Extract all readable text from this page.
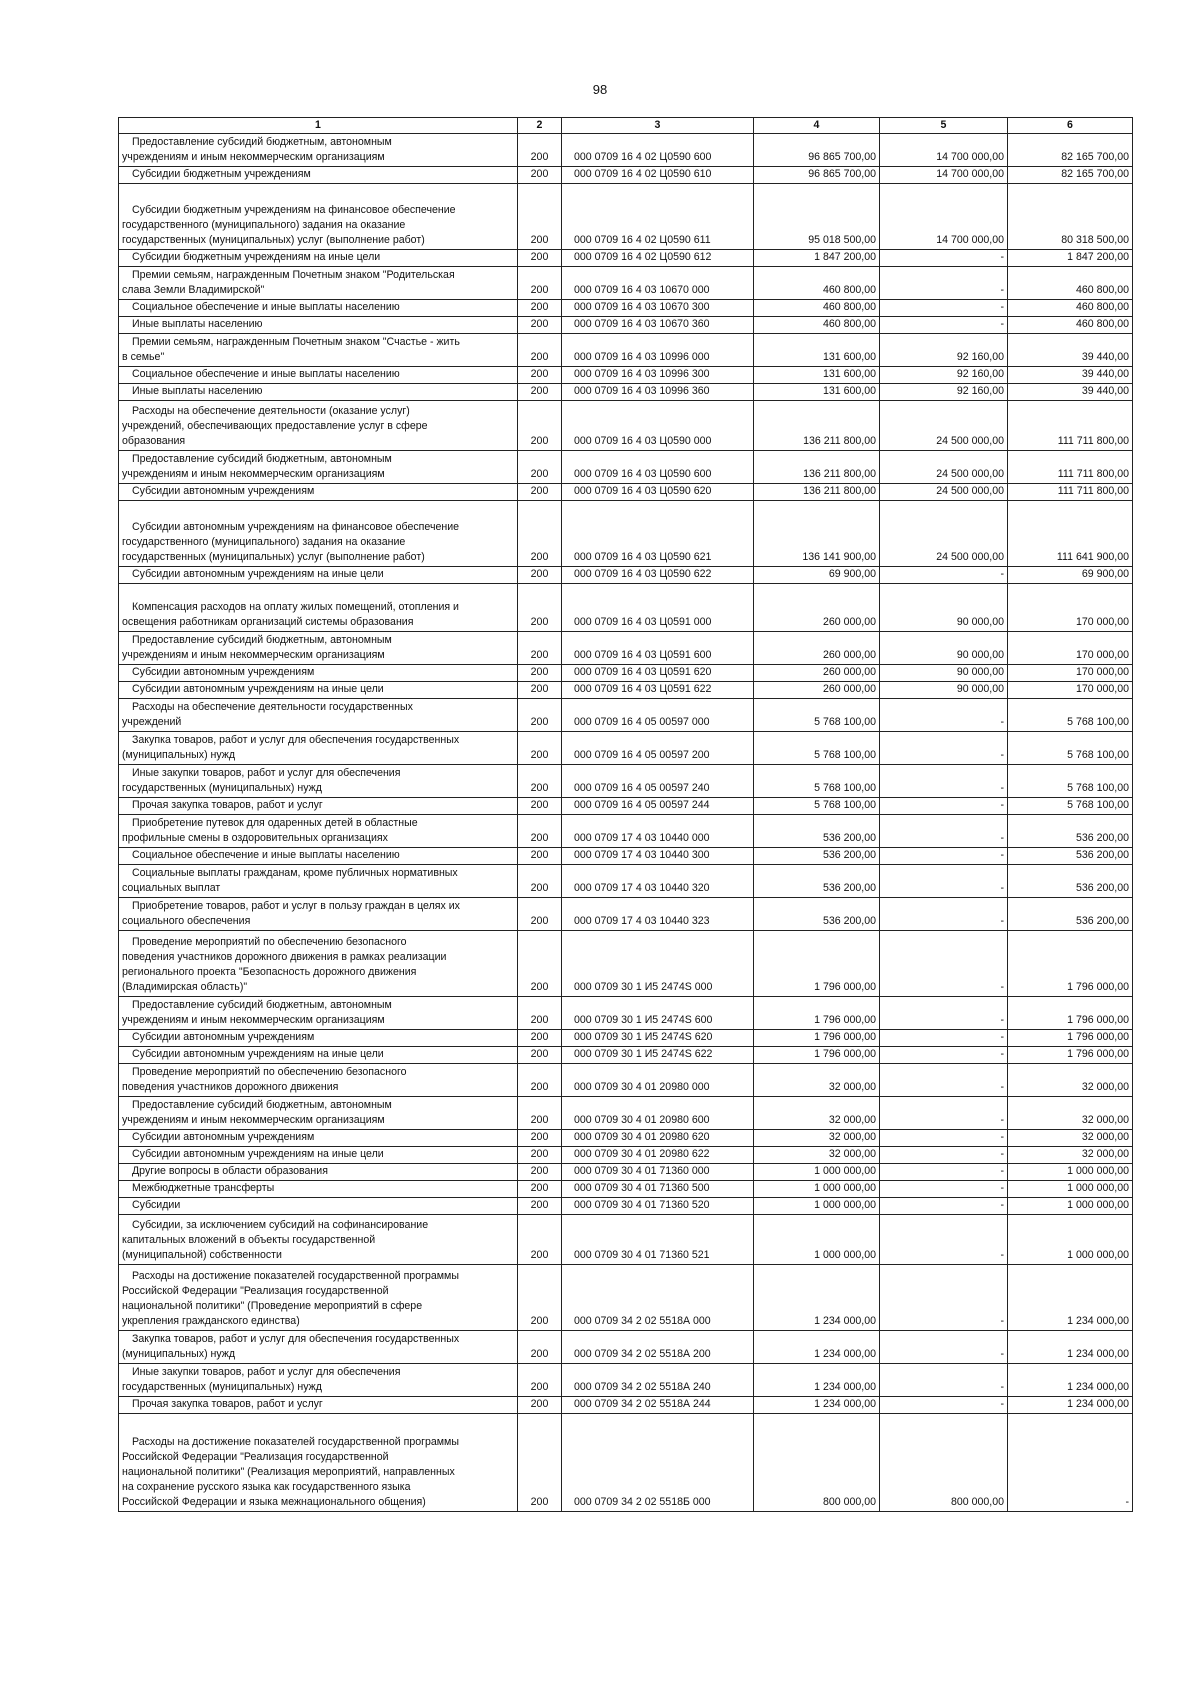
98
1	2	3	4	5	6
Предоставление субсидий бюджетным, автономным
учреждениям и иным некоммерческим организациям	200	000 0709 16 4 02 Ц0590 600	96 865 700,00	14 700 000,00	82 165 700,00
Субсидии бюджетным учреждениям	200	000 0709 16 4 02 Ц0590 610	96 865 700,00	14 700 000,00	82 165 700,00
Субсидии бюджетным учреждениям на финансовое обеспечение
государственного (муниципального) задания на оказание
государственных (муниципальных) услуг (выполнение работ)	200	000 0709 16 4 02 Ц0590 611	95 018 500,00	14 700 000,00	80 318 500,00
Субсидии бюджетным учреждениям на иные цели	200	000 0709 16 4 02 Ц0590 612	1 847 200,00	-	1 847 200,00
Премии семьям, награжденным Почетным знаком "Родительская
слава Земли Владимирской"	200	000 0709 16 4 03 10670 000	460 800,00	-	460 800,00
Социальное обеспечение и иные выплаты населению	200	000 0709 16 4 03 10670 300	460 800,00	-	460 800,00
Иные выплаты населению	200	000 0709 16 4 03 10670 360	460 800,00	-	460 800,00
Премии семьям, награжденным Почетным знаком "Счастье - жить
в семье"	200	000 0709 16 4 03 10996 000	131 600,00	92 160,00	39 440,00
Социальное обеспечение и иные выплаты населению	200	000 0709 16 4 03 10996 300	131 600,00	92 160,00	39 440,00
Иные выплаты населению	200	000 0709 16 4 03 10996 360	131 600,00	92 160,00	39 440,00
Расходы на обеспечение деятельности (оказание услуг)
учреждений, обеспечивающих предоставление услуг в сфере
образования	200	000 0709 16 4 03 Ц0590 000	136 211 800,00	24 500 000,00	111 711 800,00
Предоставление субсидий бюджетным, автономным
учреждениям и иным некоммерческим организациям	200	000 0709 16 4 03 Ц0590 600	136 211 800,00	24 500 000,00	111 711 800,00
Субсидии автономным учреждениям	200	000 0709 16 4 03 Ц0590 620	136 211 800,00	24 500 000,00	111 711 800,00
Субсидии автономным учреждениям на финансовое обеспечение
государственного (муниципального) задания на оказание
государственных (муниципальных) услуг (выполнение работ)	200	000 0709 16 4 03 Ц0590 621	136 141 900,00	24 500 000,00	111 641 900,00
Субсидии автономным учреждениям на иные цели	200	000 0709 16 4 03 Ц0590 622	69 900,00	-	69 900,00
Компенсация расходов на оплату жилых помещений, отопления и
освещения работникам организаций системы образования	200	000 0709 16 4 03 Ц0591 000	260 000,00	90 000,00	170 000,00
Предоставление субсидий бюджетным, автономным
учреждениям и иным некоммерческим организациям	200	000 0709 16 4 03 Ц0591 600	260 000,00	90 000,00	170 000,00
Субсидии автономным учреждениям	200	000 0709 16 4 03 Ц0591 620	260 000,00	90 000,00	170 000,00
Субсидии автономным учреждениям на иные цели	200	000 0709 16 4 03 Ц0591 622	260 000,00	90 000,00	170 000,00
Расходы на обеспечение деятельности государственных
учреждений	200	000 0709 16 4 05 00597 000	5 768 100,00	-	5 768 100,00
Закупка товаров, работ и услуг для обеспечения государственных
(муниципальных) нужд	200	000 0709 16 4 05 00597 200	5 768 100,00	-	5 768 100,00
Иные закупки товаров, работ и услуг для обеспечения
государственных (муниципальных) нужд	200	000 0709 16 4 05 00597 240	5 768 100,00	-	5 768 100,00
Прочая закупка товаров, работ и услуг	200	000 0709 16 4 05 00597 244	5 768 100,00	-	5 768 100,00
Приобретение путевок для одаренных детей в областные
профильные смены в оздоровительных организациях	200	000 0709 17 4 03 10440 000	536 200,00	-	536 200,00
Социальное обеспечение и иные выплаты населению	200	000 0709 17 4 03 10440 300	536 200,00	-	536 200,00
Социальные выплаты гражданам, кроме публичных нормативных
социальных выплат	200	000 0709 17 4 03 10440 320	536 200,00	-	536 200,00
Приобретение товаров, работ и услуг в пользу граждан в целях их
социального обеспечения	200	000 0709 17 4 03 10440 323	536 200,00	-	536 200,00
Проведение мероприятий по обеспечению безопасного
поведения участников дорожного движения в рамках реализации
регионального проекта "Безопасность дорожного движения
(Владимирская область)"	200	000 0709 30 1 И5 2474S 000	1 796 000,00	-	1 796 000,00
Предоставление субсидий бюджетным, автономным
учреждениям и иным некоммерческим организациям	200	000 0709 30 1 И5 2474S 600	1 796 000,00	-	1 796 000,00
Субсидии автономным учреждениям	200	000 0709 30 1 И5 2474S 620	1 796 000,00	-	1 796 000,00
Субсидии автономным учреждениям на иные цели	200	000 0709 30 1 И5 2474S 622	1 796 000,00	-	1 796 000,00
Проведение мероприятий по обеспечению безопасного
поведения участников дорожного движения	200	000 0709 30 4 01 20980 000	32 000,00	-	32 000,00
Предоставление субсидий бюджетным, автономным
учреждениям и иным некоммерческим организациям	200	000 0709 30 4 01 20980 600	32 000,00	-	32 000,00
Субсидии автономным учреждениям	200	000 0709 30 4 01 20980 620	32 000,00	-	32 000,00
Субсидии автономным учреждениям на иные цели	200	000 0709 30 4 01 20980 622	32 000,00	-	32 000,00
Другие вопросы в области образования	200	000 0709 30 4 01 71360 000	1 000 000,00	-	1 000 000,00
Межбюджетные трансферты	200	000 0709 30 4 01 71360 500	1 000 000,00	-	1 000 000,00
Субсидии	200	000 0709 30 4 01 71360 520	1 000 000,00	-	1 000 000,00
Субсидии, за исключением субсидий на софинансирование
капитальных вложений в объекты государственной
(муниципальной) собственности	200	000 0709 30 4 01 71360 521	1 000 000,00	-	1 000 000,00
Расходы на достижение показателей государственной программы
Российской Федерации "Реализация государственной
национальной политики" (Проведение мероприятий в сфере
укрепления гражданского единства)	200	000 0709 34 2 02 5518А 000	1 234 000,00	-	1 234 000,00
Закупка товаров, работ и услуг для обеспечения государственных
(муниципальных) нужд	200	000 0709 34 2 02 5518А 200	1 234 000,00	-	1 234 000,00
Иные закупки товаров, работ и услуг для обеспечения
государственных (муниципальных) нужд	200	000 0709 34 2 02 5518А 240	1 234 000,00	-	1 234 000,00
Прочая закупка товаров, работ и услуг	200	000 0709 34 2 02 5518А 244	1 234 000,00	-	1 234 000,00
Расходы на достижение показателей государственной программы
Российской Федерации "Реализация государственной
национальной политики" (Реализация мероприятий, направленных
на сохранение русского языка как государственного языка
Российской Федерации и языка межнационального общения)	200	000 0709 34 2 02 5518Б 000	800 000,00	800 000,00	-
